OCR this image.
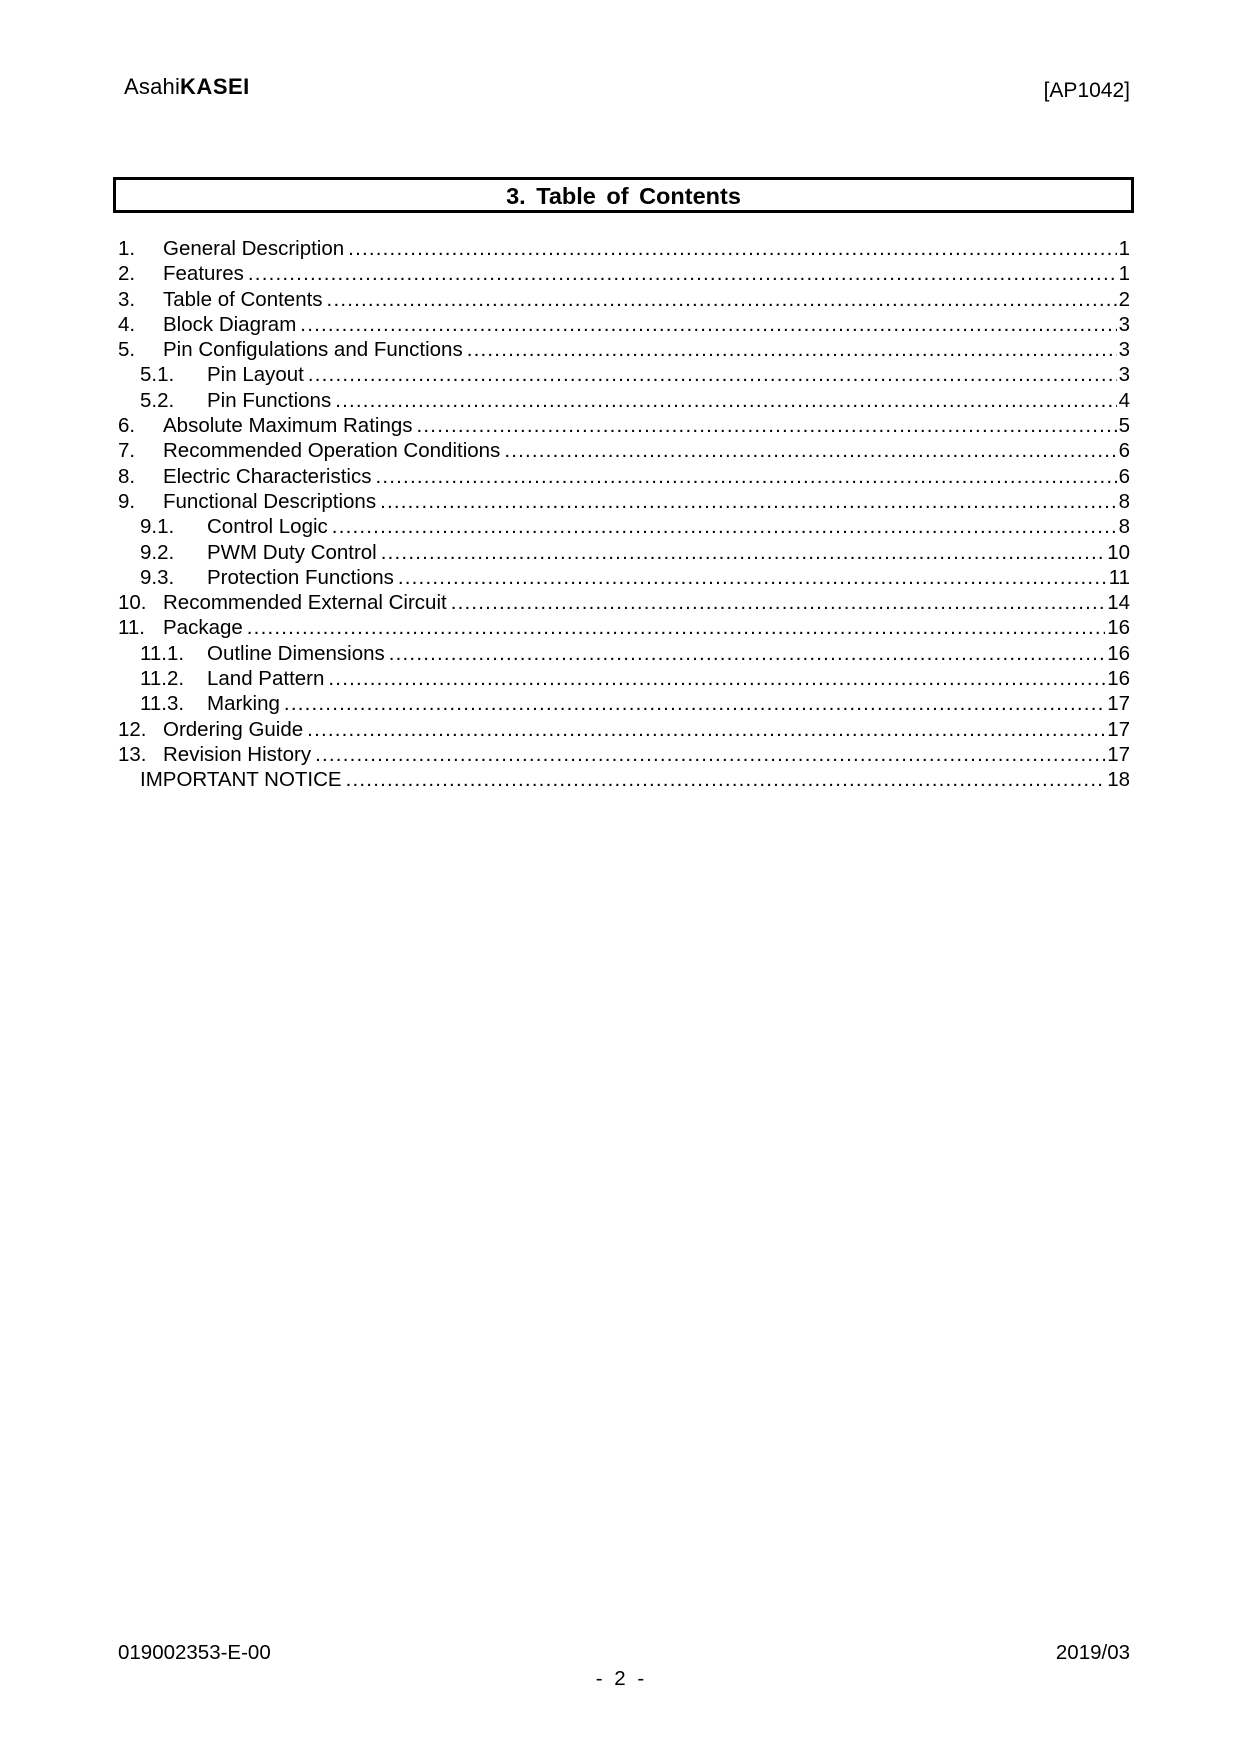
AsahiKASEI	[AP1042]
3. Table of Contents
1.	General Description .....	1
2.	Features .....	1
3.	Table of Contents .....	2
4.	Block Diagram .....	3
5.	Pin Configulations and Functions .....	3
5.1.	Pin Layout .....	3
5.2.	Pin Functions .....	4
6.	Absolute Maximum Ratings .....	5
7.	Recommended Operation Conditions .....	6
8.	Electric Characteristics .....	6
9.	Functional Descriptions .....	8
9.1.	Control Logic .....	8
9.2.	PWM Duty Control .....	10
9.3.	Protection Functions .....	11
10. Recommended External Circuit .....	14
11. Package .....	16
11.1.	Outline Dimensions .....	16
11.2.	Land Pattern .....	16
11.3.	Marking .....	17
12. Ordering Guide .....	17
13. Revision History .....	17
IMPORTANT NOTICE .....	18
019002353-E-00	2019/03
- 2 -
